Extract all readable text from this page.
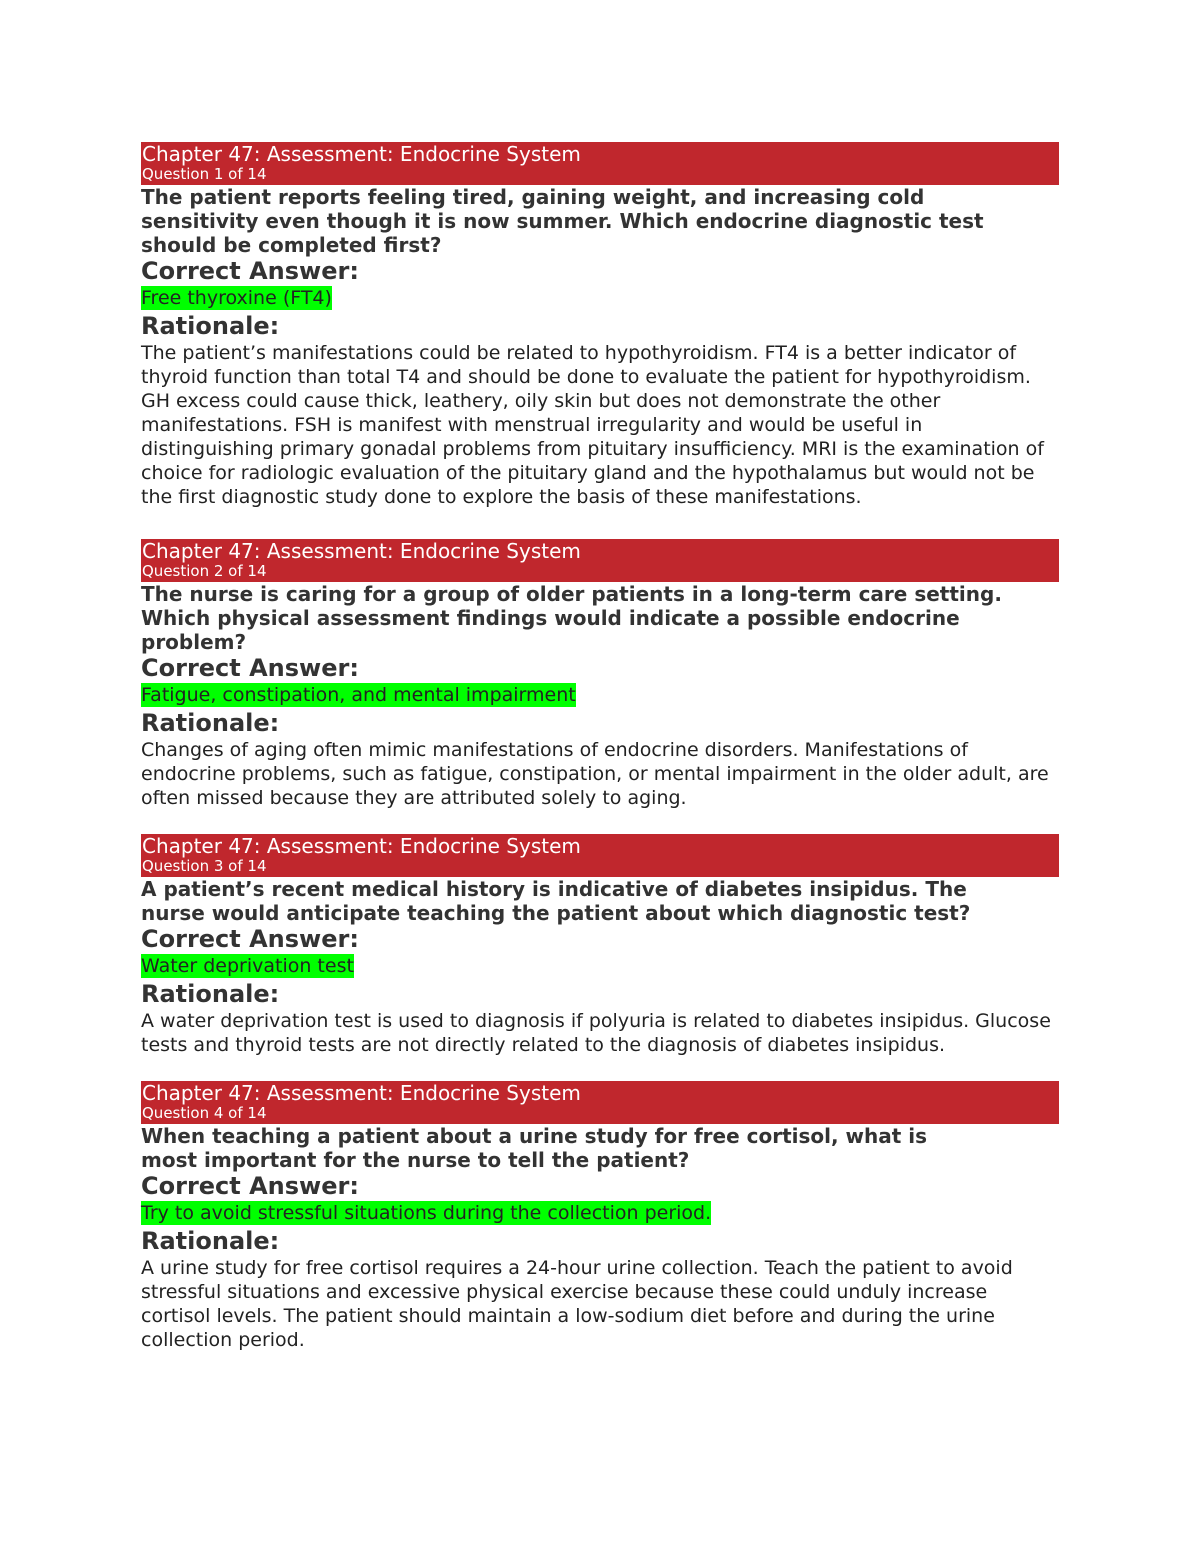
Chapter 47: Assessment: Endocrine System
Question 1 of 14

The patient reports feeling tired, gaining weight, and increasing cold sensitivity even though it is now summer. Which endocrine diagnostic test should be completed first?

Correct Answer:

Free thyroxine (FT4)

Rationale:

The patient’s manifestations could be related to hypothyroidism. FT4 is a better indicator of thyroid function than total T4 and should be done to evaluate the patient for hypothyroidism. GH excess could cause thick, leathery, oily skin but does not demonstrate the other manifestations. FSH is manifest with menstrual irregularity and would be useful in distinguishing primary gonadal problems from pituitary insufficiency. MRI is the examination of choice for radiologic evaluation of the pituitary gland and the hypothalamus but would not be the first diagnostic study done to explore the basis of these manifestations.

Chapter 47: Assessment: Endocrine System
Question 2 of 14

The nurse is caring for a group of older patients in a long-term care setting. Which physical assessment findings would indicate a possible endocrine problem?

Correct Answer:

Fatigue, constipation, and mental impairment

Rationale:

Changes of aging often mimic manifestations of endocrine disorders. Manifestations of endocrine problems, such as fatigue, constipation, or mental impairment in the older adult, are often missed because they are attributed solely to aging.

Chapter 47: Assessment: Endocrine System
Question 3 of 14

A patient’s recent medical history is indicative of diabetes insipidus. The nurse would anticipate teaching the patient about which diagnostic test?

Correct Answer:

Water deprivation test

Rationale:

A water deprivation test is used to diagnosis if polyuria is related to diabetes insipidus. Glucose tests and thyroid tests are not directly related to the diagnosis of diabetes insipidus.

Chapter 47: Assessment: Endocrine System
Question 4 of 14

When teaching a patient about a urine study for free cortisol, what is most important for the nurse to tell the patient?

Correct Answer:

Try to avoid stressful situations during the collection period.

Rationale:

A urine study for free cortisol requires a 24-hour urine collection. Teach the patient to avoid stressful situations and excessive physical exercise because these could unduly increase cortisol levels. The patient should maintain a low-sodium diet before and during the urine collection period.
